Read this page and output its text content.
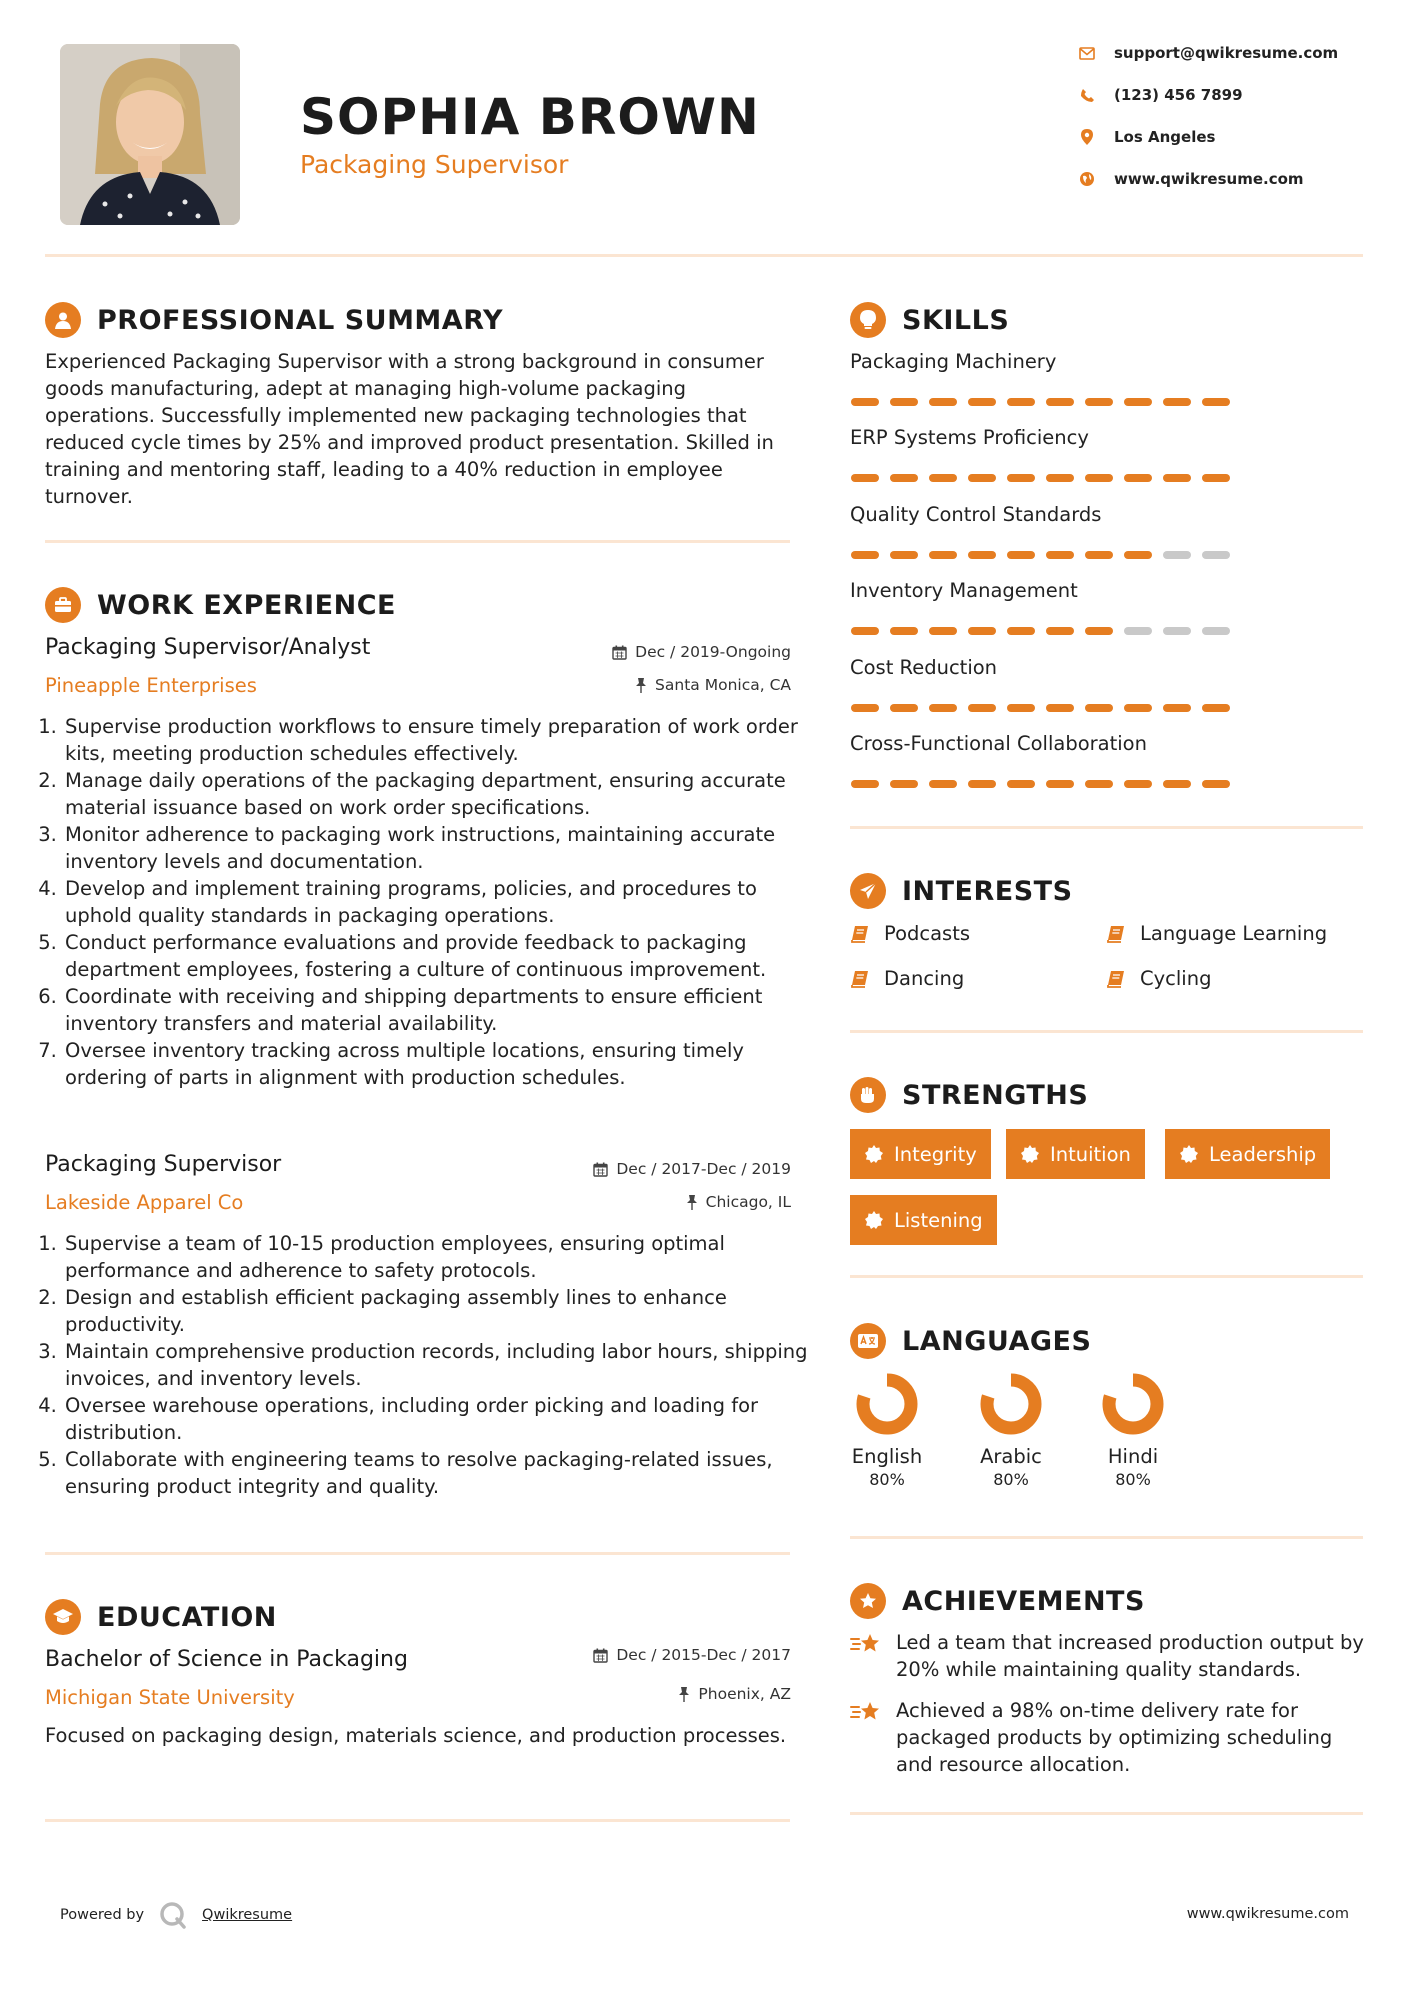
SOPHIA BROWN
Packaging Supervisor
support@qwikresume.com
(123) 456 7899
Los Angeles
www.qwikresume.com
PROFESSIONAL SUMMARY
Experienced Packaging Supervisor with a strong background in consumer goods manufacturing, adept at managing high-volume packaging operations. Successfully implemented new packaging technologies that reduced cycle times by 25% and improved product presentation. Skilled in training and mentoring staff, leading to a 40% reduction in employee turnover.
WORK EXPERIENCE
Packaging Supervisor/Analyst
Pineapple Enterprises
Dec / 2019-Ongoing
Santa Monica, CA
1. Supervise production workflows to ensure timely preparation of work order kits, meeting production schedules effectively.
2. Manage daily operations of the packaging department, ensuring accurate material issuance based on work order specifications.
3. Monitor adherence to packaging work instructions, maintaining accurate inventory levels and documentation.
4. Develop and implement training programs, policies, and procedures to uphold quality standards in packaging operations.
5. Conduct performance evaluations and provide feedback to packaging department employees, fostering a culture of continuous improvement.
6. Coordinate with receiving and shipping departments to ensure efficient inventory transfers and material availability.
7. Oversee inventory tracking across multiple locations, ensuring timely ordering of parts in alignment with production schedules.
Packaging Supervisor
Lakeside Apparel Co
Dec / 2017-Dec / 2019
Chicago, IL
1. Supervise a team of 10-15 production employees, ensuring optimal performance and adherence to safety protocols.
2. Design and establish efficient packaging assembly lines to enhance productivity.
3. Maintain comprehensive production records, including labor hours, shipping invoices, and inventory levels.
4. Oversee warehouse operations, including order picking and loading for distribution.
5. Collaborate with engineering teams to resolve packaging-related issues, ensuring product integrity and quality.
EDUCATION
Bachelor of Science in Packaging
Michigan State University
Dec / 2015-Dec / 2017
Phoenix, AZ
Focused on packaging design, materials science, and production processes.
SKILLS
Packaging Machinery
ERP Systems Proficiency
Quality Control Standards
Inventory Management
Cost Reduction
Cross-Functional Collaboration
INTERESTS
Podcasts	Language Learning
Dancing	Cycling
STRENGTHS
Integrity	Intuition	Leadership
Listening
LANGUAGES
English
80%
Arabic
80%
Hindi
80%
ACHIEVEMENTS
Led a team that increased production output by 20% while maintaining quality standards.
Achieved a 98% on-time delivery rate for packaged products by optimizing scheduling and resource allocation.
Powered by	Qwikresume	www.qwikresume.com
